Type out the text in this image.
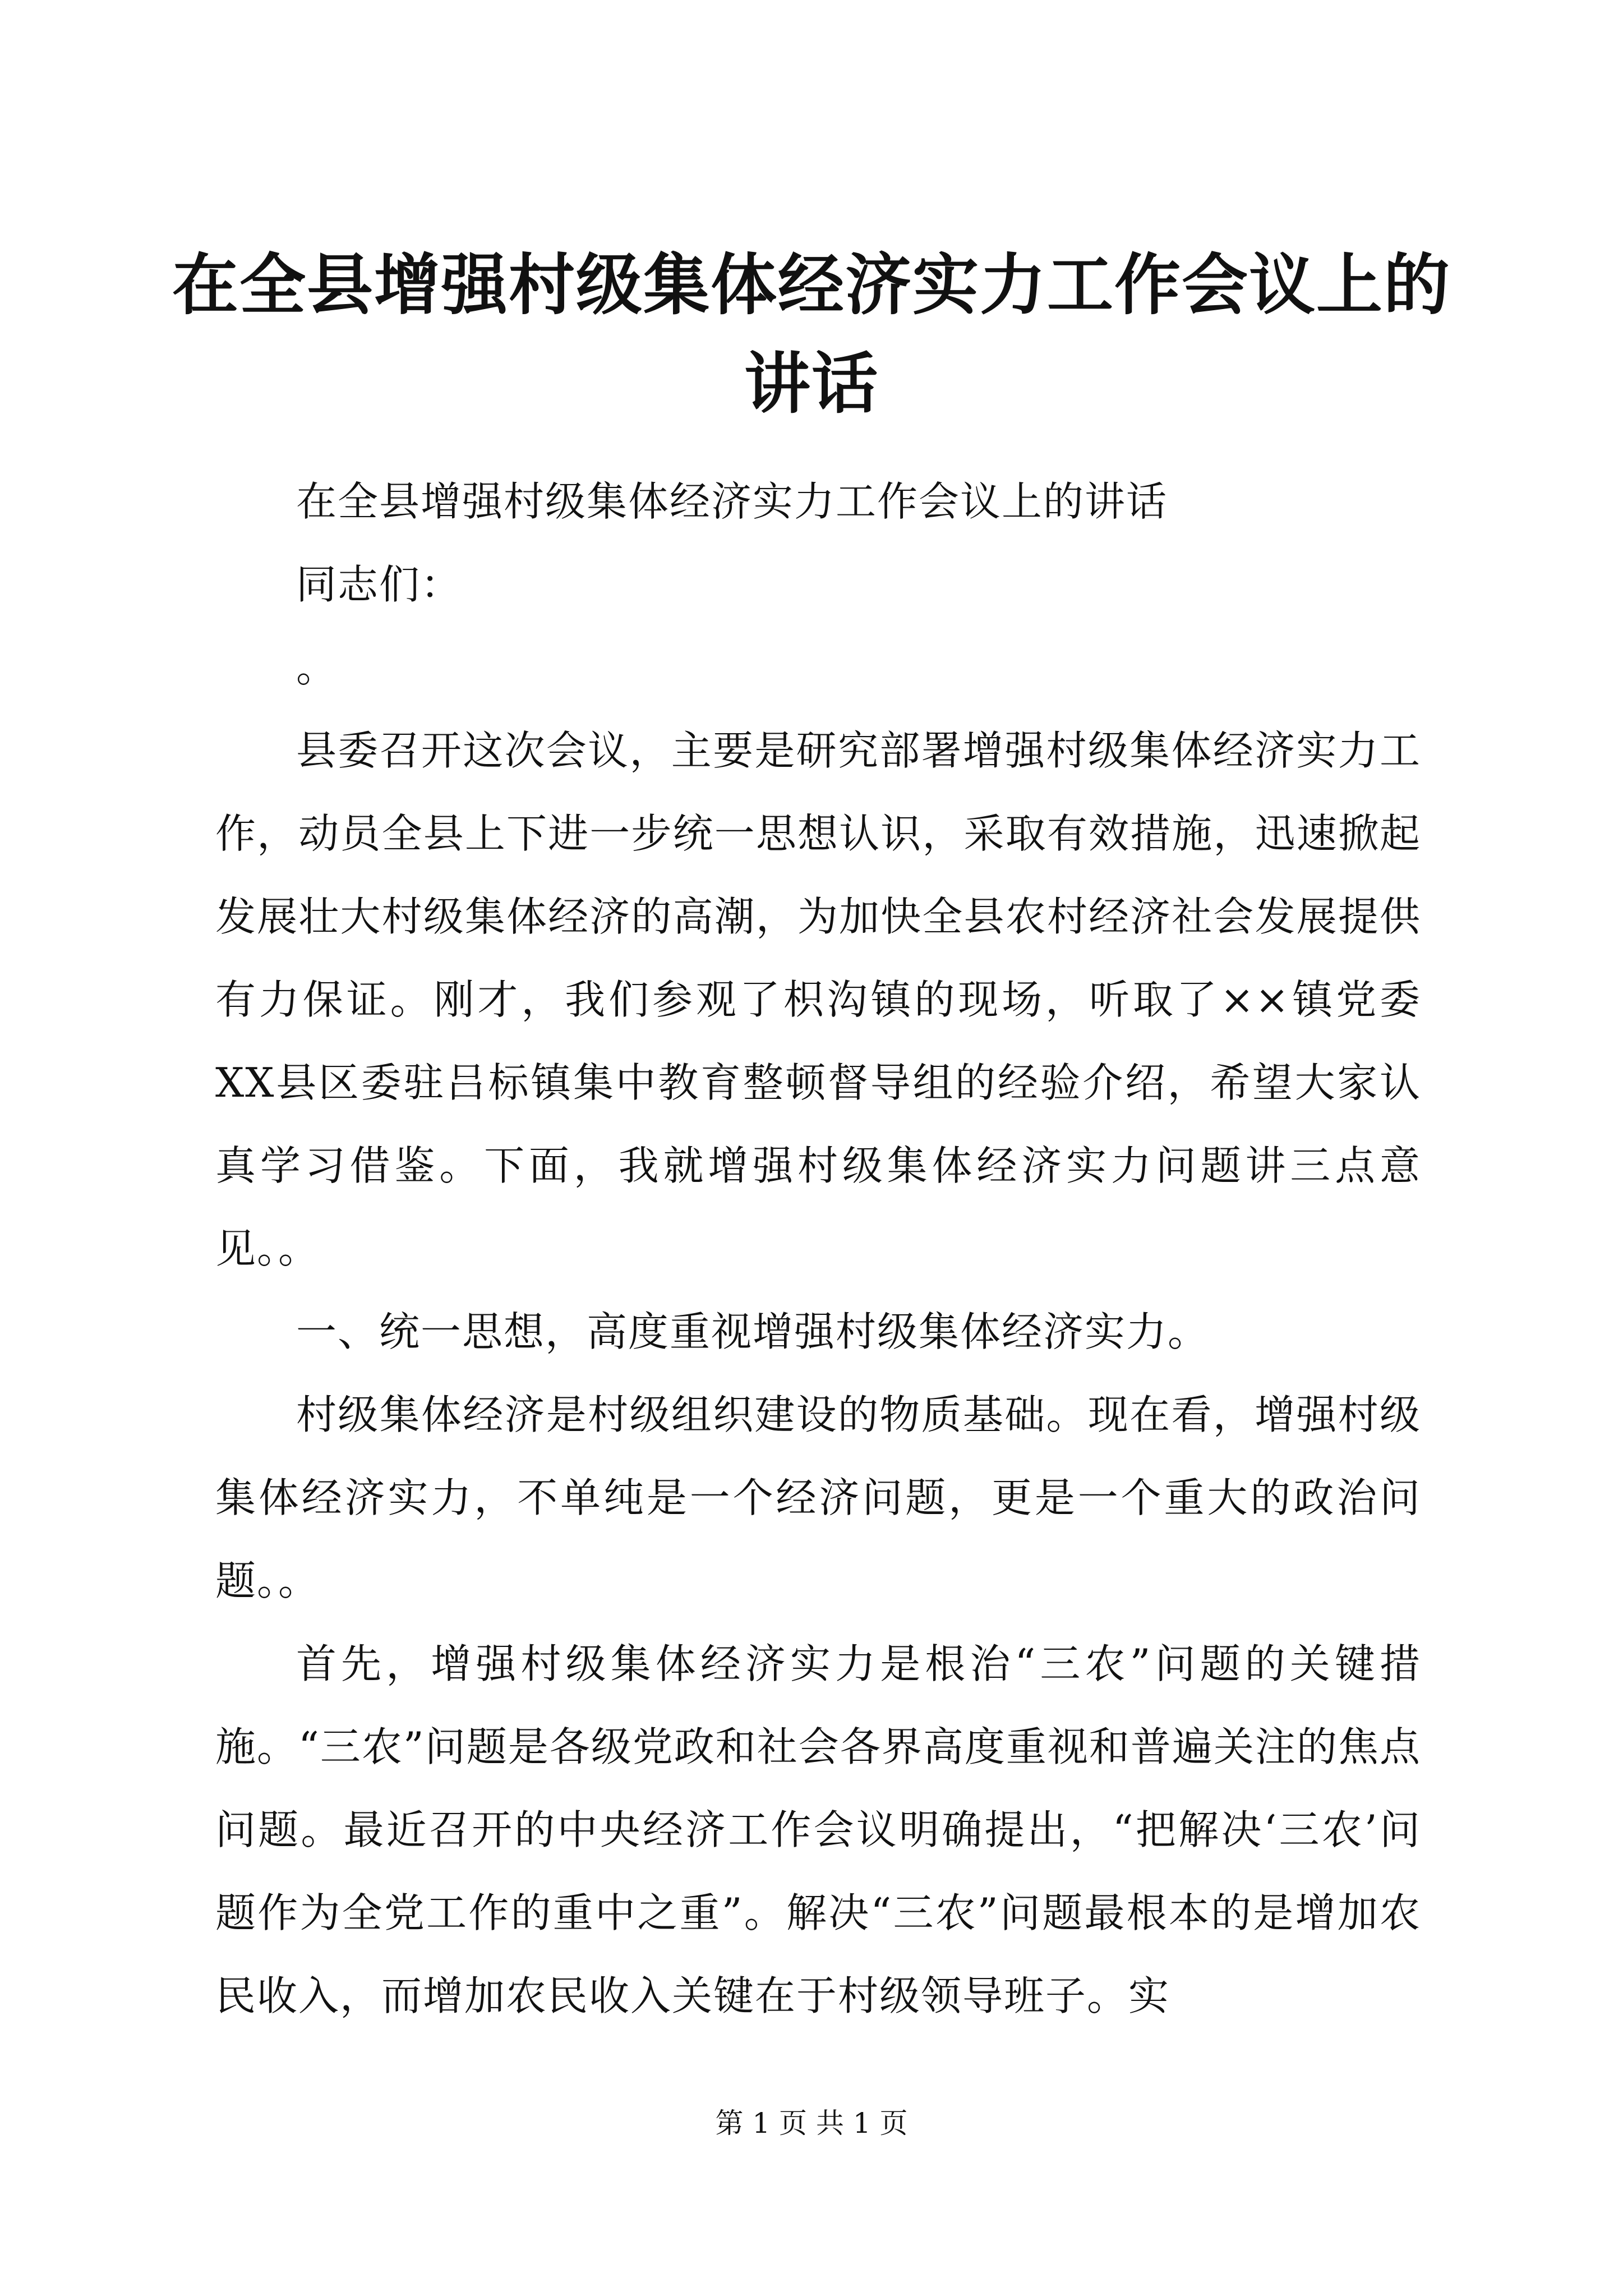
在全县增强村级集体经济实力工作会议上的讲话

在全县增强村级集体经济实力工作会议上的讲话

同志们：

。

县委召开这次会议，主要是研究部署增强村级集体经济实力工作，动员全县上下进一步统一思想认识，采取有效措施，迅速掀起发展壮大村级集体经济的高潮，为加快全县农村经济社会发展提供有力保证。刚才，我们参观了枳沟镇的现场，听取了××镇党委XX县区委驻吕标镇集中教育整顿督导组的经验介绍，希望大家认真学习借鉴。下面，我就增强村级集体经济实力问题讲三点意见。。

一、统一思想，高度重视增强村级集体经济实力。

村级集体经济是村级组织建设的物质基础。现在看，增强村级集体经济实力，不单纯是一个经济问题，更是一个重大的政治问题。。

首先，增强村级集体经济实力是根治“三农”问题的关键措施。“三农”问题是各级党政和社会各界高度重视和普遍关注的焦点问题。最近召开的中央经济工作会议明确提出，“把解决‘三农’问题作为全党工作的重中之重”。解决“三农”问题最根本的是增加农民收入，而增加农民收入关键在于村级领导班子。实

第 1 页 共 1 页
